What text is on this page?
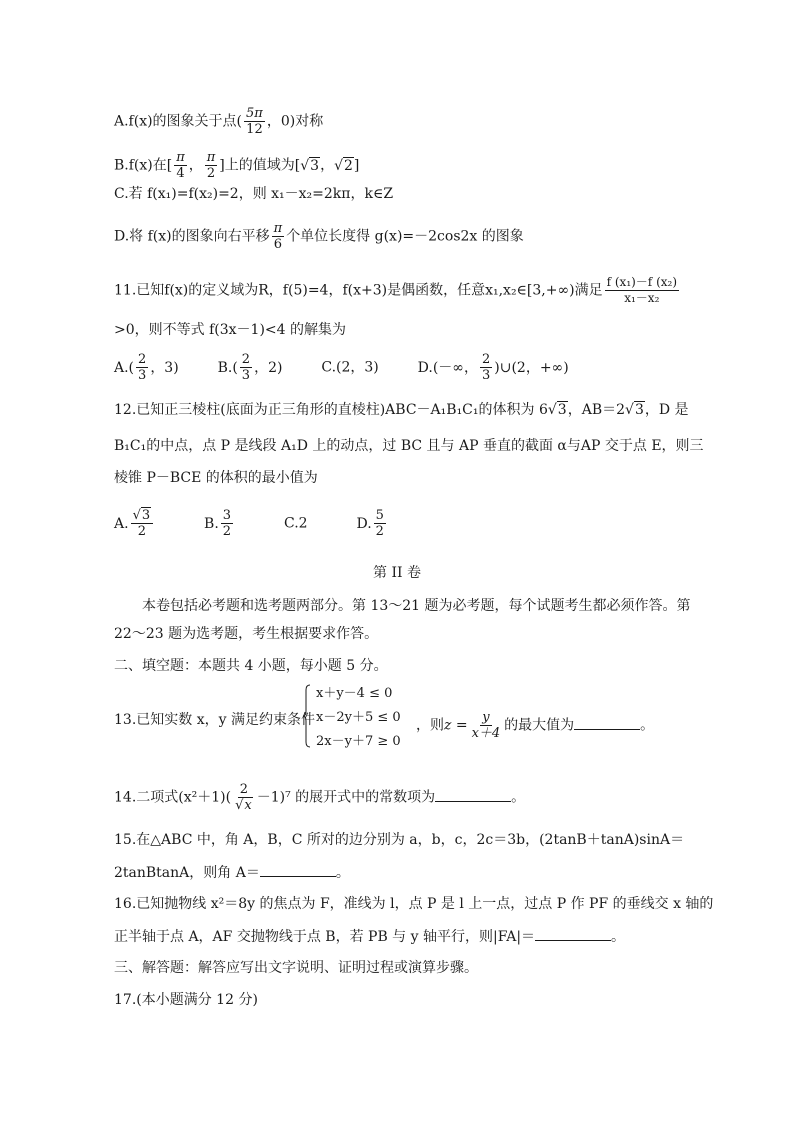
A.f(x)的图象关于点( $\frac{5\pi}{12}$ ，0)对称
B.f(x)在[ $\frac{\pi}{4}$ ， $\frac{\pi}{2}$ ]上的值域为[√3，√2]
C.若 f(x₁)=f(x₂)=2，则 x₁－x₂=2kπ，k∈Z
D.将 f(x)的图象向右平移 $\frac{\pi}{6}$ 个单位长度得 g(x)=－2cos2x 的图象
11.已知f(x)的定义域为R，f(5)=4，f(x+3)是偶函数，任意x₁,x₂∈[3,+∞)满足 $\frac{\text{f (x₁)－f (x₂)}}{\text{x₁－x₂}}$
>0，则不等式 f(3x－1)<4 的解集为
$A.( \frac{2}{3}$ ，3)	$B.( \frac{2}{3}$ ，2)	C.(2，3)	D.(－∞， $\frac{2}{3}$ )∪(2，+∞)
12.已知正三棱柱(底面为正三角形的直棱柱)ABC－A₁B₁C₁的体积为 6√3，AB＝2√3，D 是
B₁C₁的中点，点 P 是线段 A₁D 上的动点，过 BC 且与 AP 垂直的截面 α与AP 交于点 E，则三
棱锥 P－BCE 的体积的最小值为
A. $\frac{√3}{2}$	B. $\frac{3}{2}$	C.2	D. $\frac{5}{2}$
第 II 卷
本卷包括必考题和选考题两部分。第 13～21 题为必考题，每个试题考生都必须作答。第
22～23 题为选考题，考生根据要求作答。
二、填空题：本题共 4 小题，每小题 5 分。
13.已知实数 x，y 满足约束条件
x＋y－4 ≤ 0
x－2y＋5 ≤ 0
2x－y＋7 ≥ 0
，则$z = \frac{y}{x+4}$ 的最大值为	。
14.二项式$(x^2+1)( \frac{2}{√x} -1)^7$ 的展开式中的常数项为	。
15.在△ABC 中，角 A，B，C 所对的边分别为 a，b，c，2c＝3b，(2tanB＋tanA)sinA＝
2tanBtanA，则角 A＝	。
16.已知抛物线 x²＝8y 的焦点为 F，准线为 l，点 P 是 l 上一点，过点 P 作 PF 的垂线交 x 轴的
正半轴于点 A，AF 交抛物线于点 B，若 PB 与 y 轴平行，则|FA|＝	。
三、解答题：解答应写出文字说明、证明过程或演算步骤。
17.(本小题满分 12 分)
